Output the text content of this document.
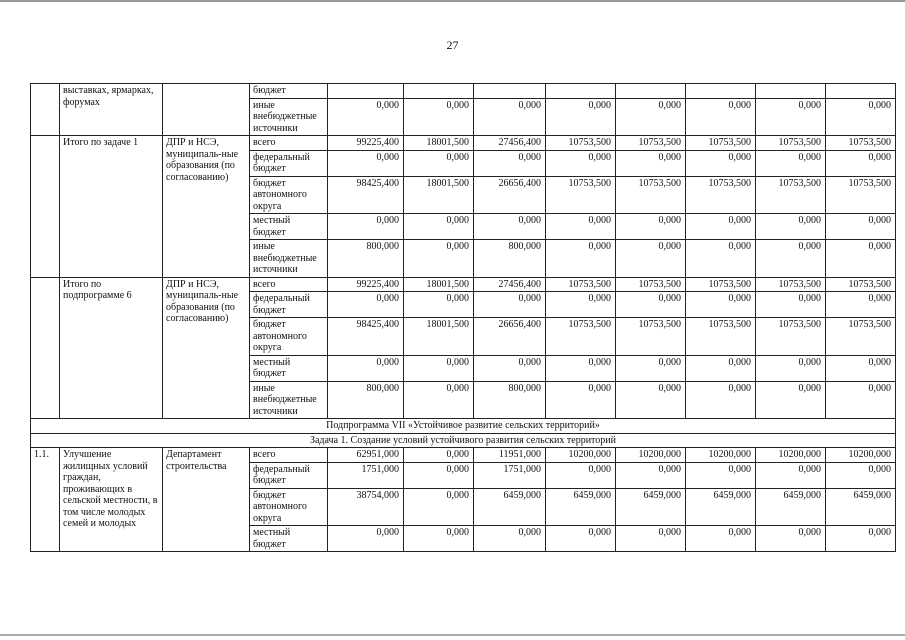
27
	выставках, ярмарках, форумах		бюджет								
			иные внебюджетные источники	0,000	0,000	0,000	0,000	0,000	0,000	0,000	0,000
	Итого по задаче 1	ДПР и НСЭ, муниципаль-ные образования (по согласованию)	всего	99225,400	18001,500	27456,400	10753,500	10753,500	10753,500	10753,500	10753,500
			федеральный бюджет	0,000	0,000	0,000	0,000	0,000	0,000	0,000	0,000
			бюджет автономного округа	98425,400	18001,500	26656,400	10753,500	10753,500	10753,500	10753,500	10753,500
			местный бюджет	0,000	0,000	0,000	0,000	0,000	0,000	0,000	0,000
			иные внебюджетные источники	800,000	0,000	800,000	0,000	0,000	0,000	0,000	0,000
	Итого по подпрограмме 6	ДПР и НСЭ, муниципаль-ные образования (по согласованию)	всего	99225,400	18001,500	27456,400	10753,500	10753,500	10753,500	10753,500	10753,500
			федеральный бюджет	0,000	0,000	0,000	0,000	0,000	0,000	0,000	0,000
			бюджет автономного округа	98425,400	18001,500	26656,400	10753,500	10753,500	10753,500	10753,500	10753,500
			местный бюджет	0,000	0,000	0,000	0,000	0,000	0,000	0,000	0,000
			иные внебюджетные источники	800,000	0,000	800,000	0,000	0,000	0,000	0,000	0,000
Подпрограмма VII «Устойчивое развитие сельских территорий»											
Задача 1. Создание условий устойчивого развития сельских территорий											
1.1.	Улучшение жилищных условий граждан, проживающих в сельской местности, в том числе молодых семей и молодых	Департамент строительства	всего	62951,000	0,000	11951,000	10200,000	10200,000	10200,000	10200,000	10200,000
			федеральный бюджет	1751,000	0,000	1751,000	0,000	0,000	0,000	0,000	0,000
			бюджет автономного округа	38754,000	0,000	6459,000	6459,000	6459,000	6459,000	6459,000	6459,000
			местный бюджет	0,000	0,000	0,000	0,000	0,000	0,000	0,000	0,000
